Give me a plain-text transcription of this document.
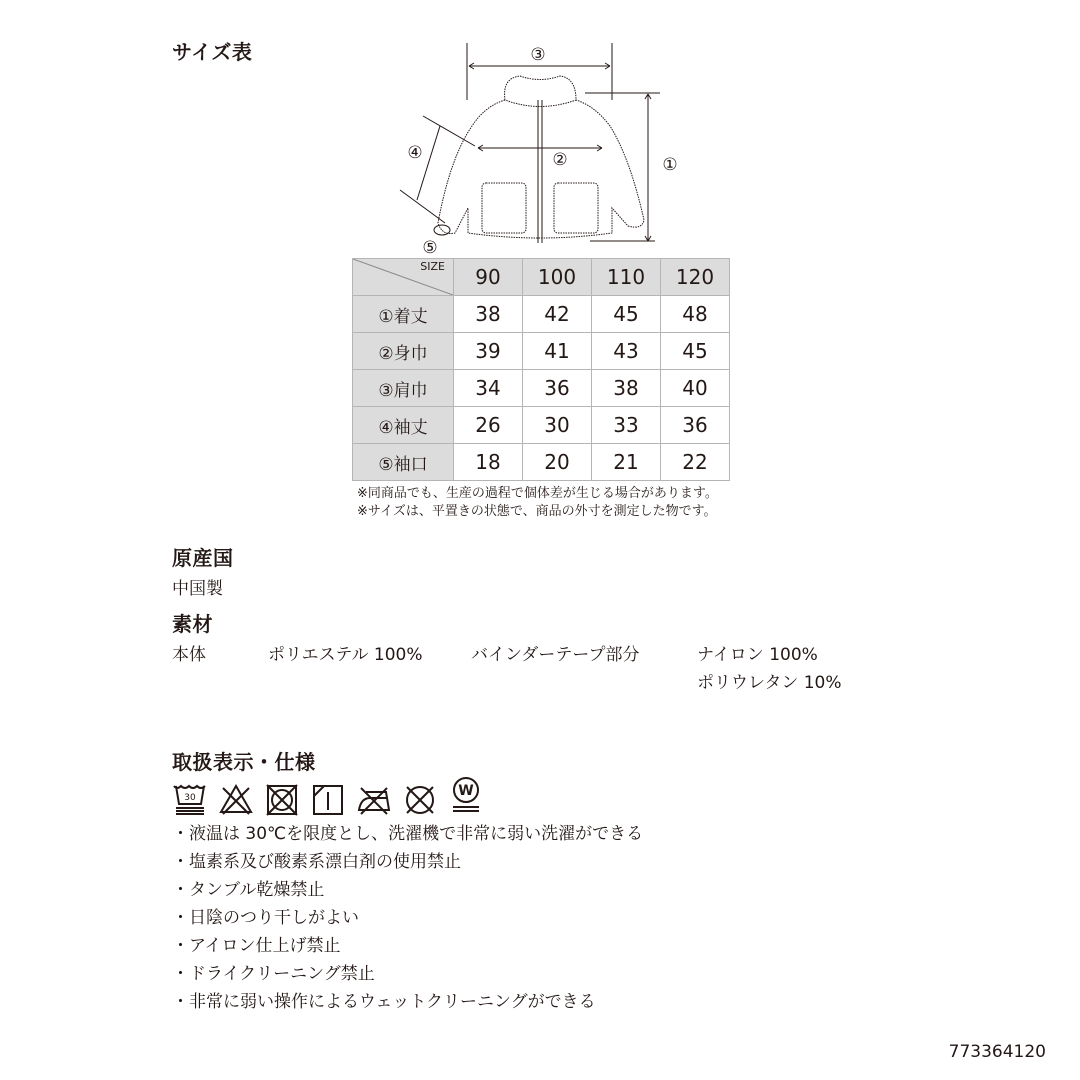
サイズ表	③
①
②
④
⑤
SIZE	90	100	110	120
①着丈	38	42	45	48
②身巾	39	41	43	45
③肩巾	34	36	38	40
④袖丈	26	30	33	36
⑤袖口	18	20	21	22
※同商品でも、生産の過程で個体差が生じる場合があります。
※サイズは、平置きの状態で、商品の外寸を測定した物です。
原産国
中国製
素材
本体	ポリエステル 100%	バインダーテープ部分	ナイロン 100%
ポリウレタン 10%
取扱表示・仕様
30	W
・液温は 30℃を限度とし、洗濯機で非常に弱い洗濯ができる
・塩素系及び酸素系漂白剤の使用禁止
・タンブル乾燥禁止
・日陰のつり干しがよい
・アイロン仕上げ禁止
・ドライクリーニング禁止
・非常に弱い操作によるウェットクリーニングができる
773364120
